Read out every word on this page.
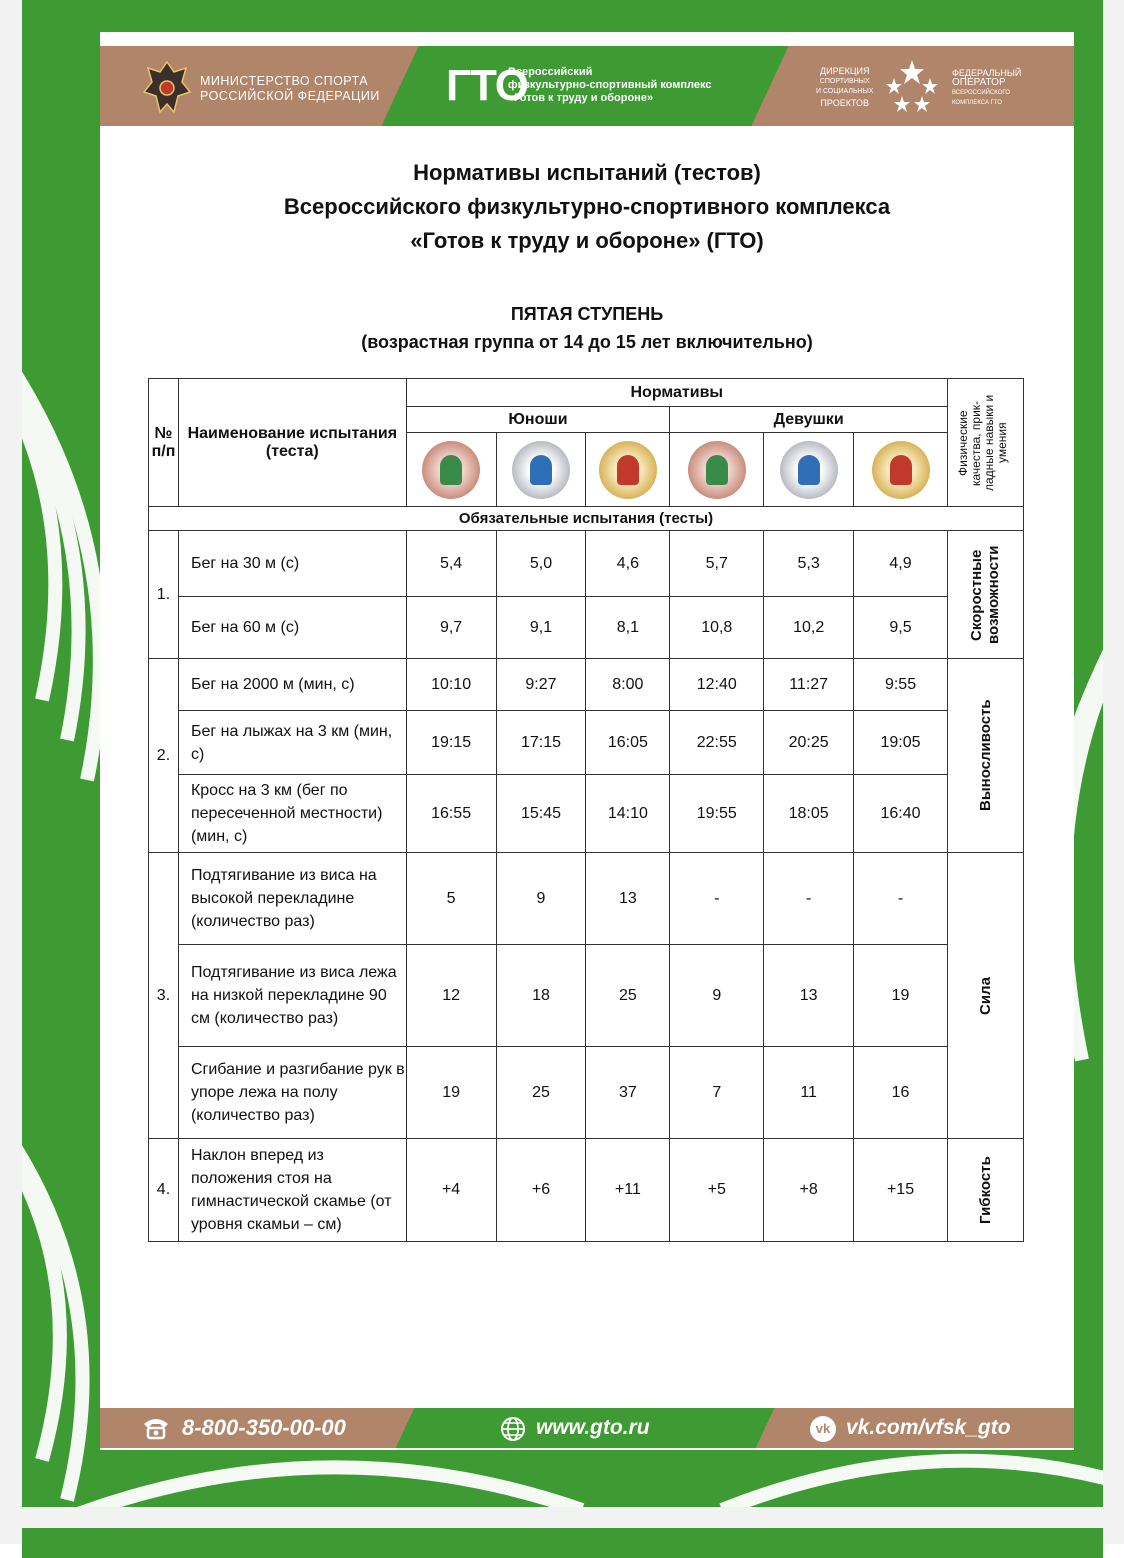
МИНИСТЕРСТВО СПОРТА
РОССИЙСКОЙ ФЕДЕРАЦИИ ГТО
Всероссийский
физкультурно-спортивный комплекс
«Готов к труду и обороне»
ДИРЕКЦИЯ
СПОРТИВНЫХ
И СОЦИАЛЬНЫХ
ПРОЕКТОВ
ФЕДЕРАЛЬНЫЙ
ОПЕРАТОР
ВСЕРОССИЙСКОГО
КОМПЛЕКСА ГТО
Нормативы испытаний (тестов)
Всероссийского физкультурно-спортивного комплекса
«Готов к труду и обороне» (ГТО)
ПЯТАЯ СТУПЕНЬ
(возрастная группа от 14 до 15 лет включительно)
№ п/п	Наименование испытания (теста)	Нормативы						Физические качества, прик-ладные навыки и умения

		Юноши			Девушки			

Обязательные испытания (тесты)								
1.	Бег на 30 м (с)	5,4	5,0	4,6	5,7	5,3	4,9	Скоростные возможности

	Бег на 60 м (с)	9,7	9,1	8,1	10,8	10,2	9,5	
2.	Бег на 2000 м (мин, с)	10:10	9:27	8:00	12:40	11:27	9:55	Выносливость

	Бег на лыжах на 3 км (мин, с)	19:15	17:15	16:05	22:55	20:25	19:05	
	Кросс на 3 км (бег по пересеченной местности) (мин, с)	16:55	15:45	14:10	19:55	18:05	16:40	
3.	Подтягивание из виса на высокой перекладине (количество раз)	5	9	13	-	-	-	Сила

	Подтягивание из виса лежа на низкой перекладине 90 см (количество раз)	12	18	25	9	13	19	
	Сгибание и разгибание рук в упоре лежа на полу (количество раз)	19	25	37	7	11	16	
4.	Наклон вперед из положения стоя на гимнастической скамье (от уровня скамьи – см)	+4	+6	+11	+5	+8	+15	Гибкость
8-800-350-00-00	www.gto.ru	vk vk.com/vfsk_gto
